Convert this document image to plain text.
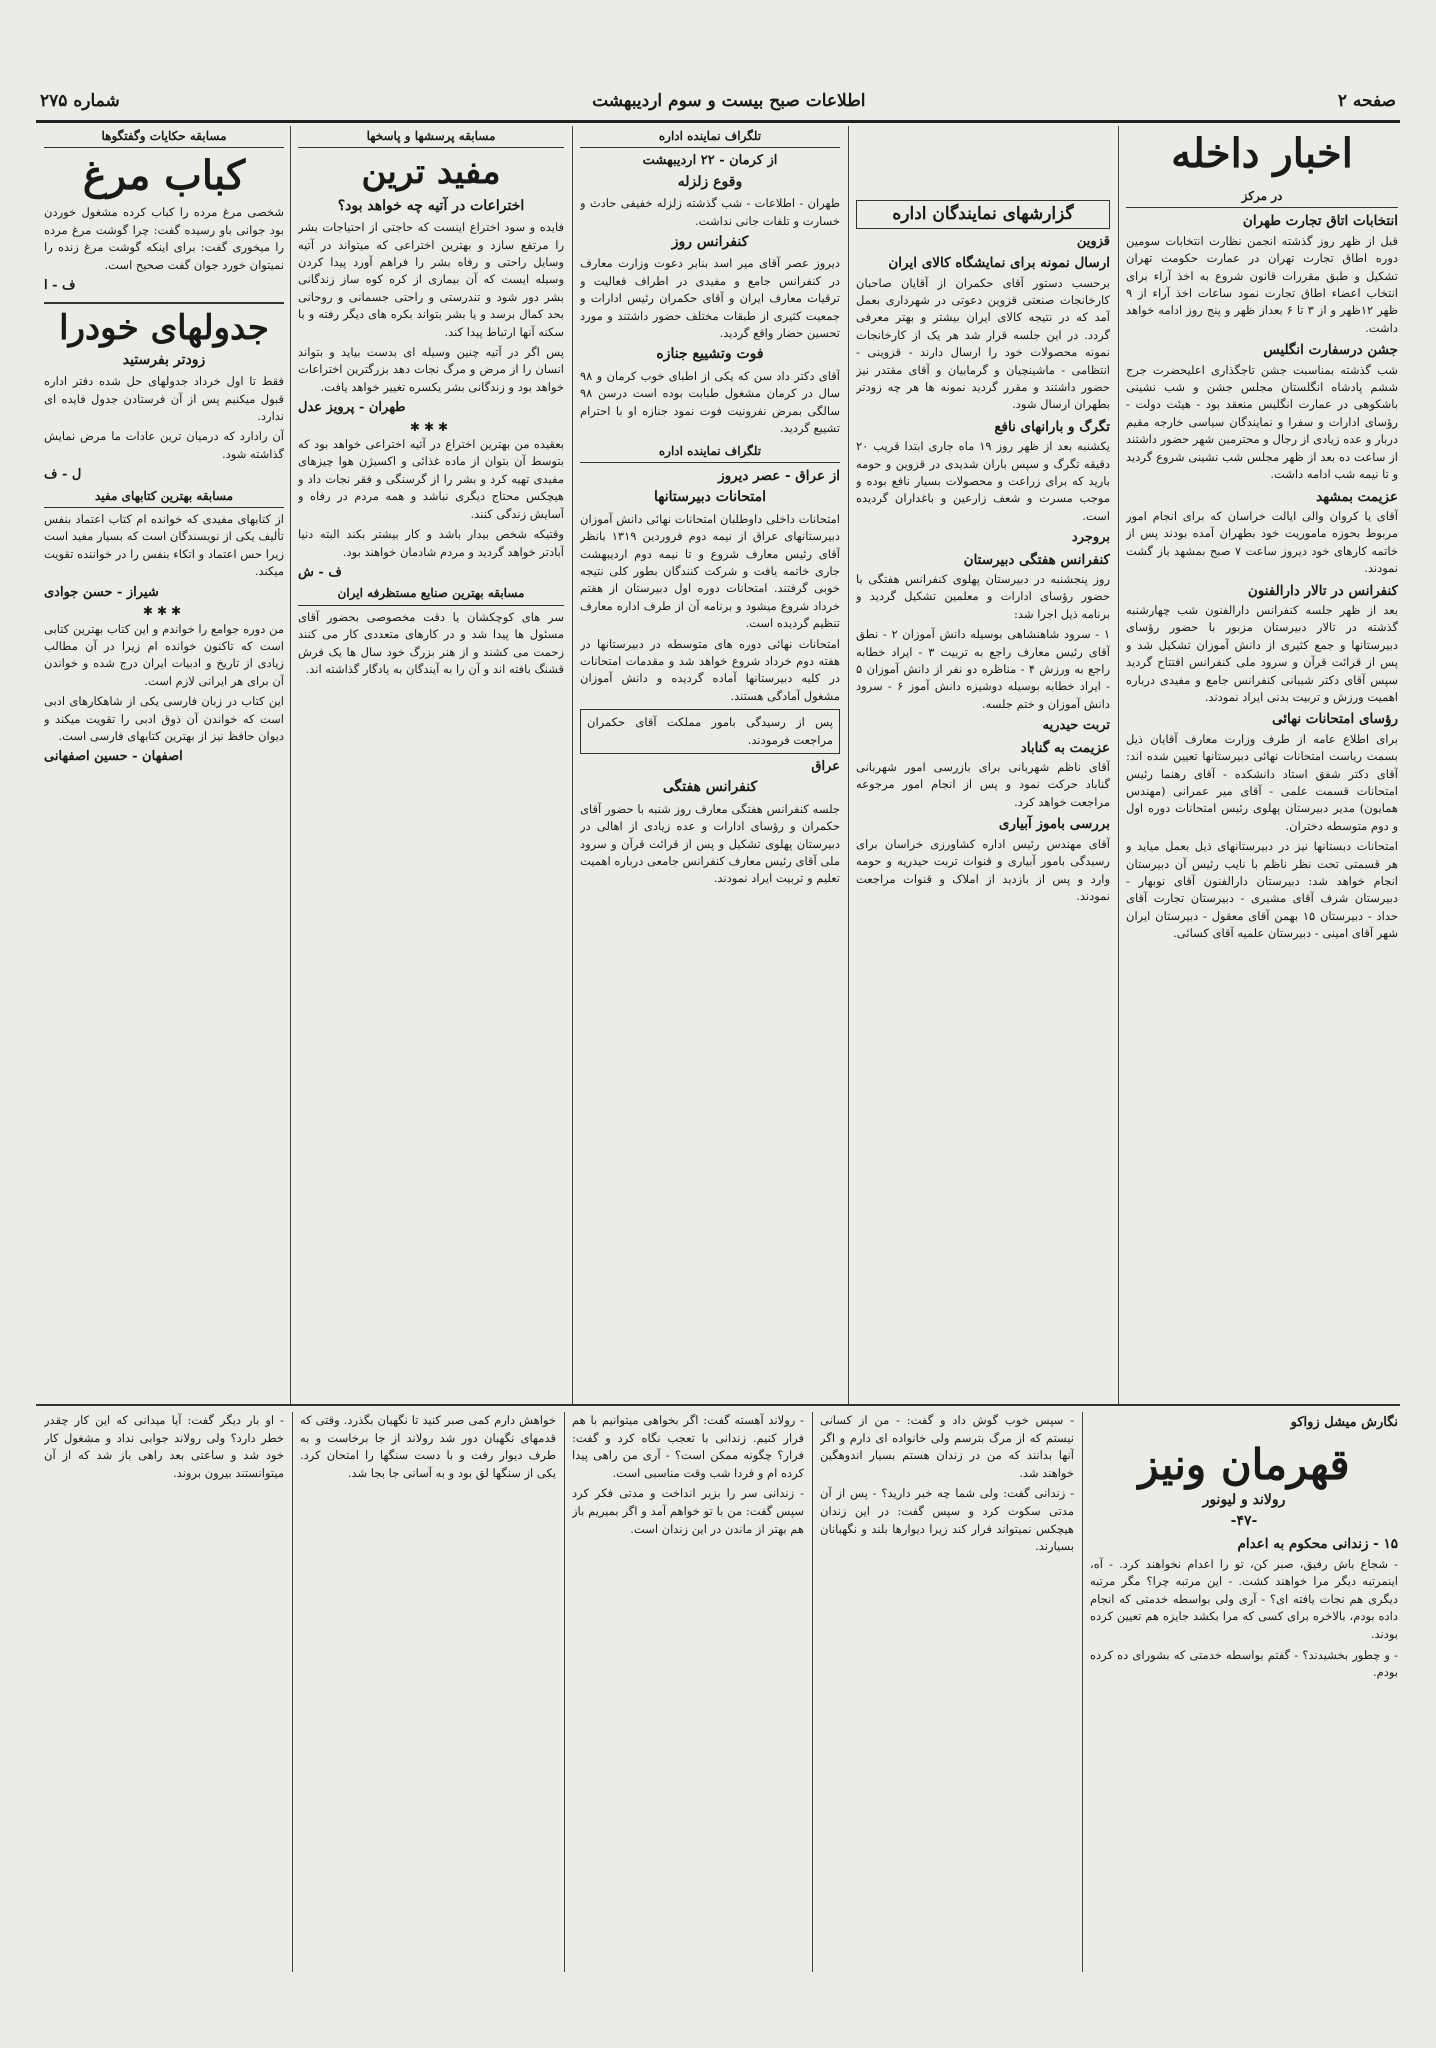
صفحه ۲
اطلاعات صبح بیست و سوم اردیبهشت
شماره ۲۷۵
اخبار داخله
در مرکز
انتخابات اتاق تجارت طهران

قبل از ظهر روز گذشته انجمن نظارت انتخابات سومین دوره اطاق تجارت تهران در عمارت حکومت تهران تشکیل و طبق مقررات قانون شروع به اخذ آراء برای انتخاب اعضاء اطاق تجارت نمود ساعات اخذ آراء از ۹ ظهر ۱۲ظهر و از ۳ تا ۶ بعداز ظهر و پنج روز ادامه خواهد داشت.

جشن درسفارت انگلیس

شب گذشته بمناسبت جشن تاجگذاری اعلیحضرت جرج ششم پادشاه انگلستان مجلس جشن و شب نشینی باشکوهی در عمارت انگلیس منعقد بود - هیئت دولت - رؤسای ادارات و سفرا و نمایندگان سیاسی خارجه مقیم دربار و عده زیادی از رجال و محترمین شهر حضور داشتند از ساعت ده بعد از ظهر مجلس شب نشینی شروع گردید و تا نیمه شب ادامه داشت.

عزیمت بمشهد

آقای یا کروان والی ایالت خراسان که برای انجام امور مربوط بحوزه ماموریت خود بطهران آمده بودند پس از خاتمه کارهای خود دیروز ساعت ۷ صبح بمشهد باز گشت نمودند.

کنفرانس در تالار دارالفنون

بعد از ظهر جلسه کنفرانس دارالفنون شب چهارشنبه گذشته در تالار دبیرستان مزبور با حضور رؤسای دبیرستانها و جمع کثیری از دانش آموزان تشکیل شد و پس از قرائت قرآن و سرود ملی کنفرانس افتتاح گردید سپس آقای دکتر شیبانی کنفرانس جامع و مفیدی درباره اهمیت ورزش و تربیت بدنی ایراد نمودند.

رؤسای امتحانات نهائی

برای اطلاع عامه از طرف وزارت معارف آقایان ذیل بسمت ریاست امتحانات نهائی دبیرستانها تعیین شده اند: آقای دکتر شفق استاد دانشکده - آقای رهنما رئیس امتحانات قسمت علمی - آقای میر عمرانی (مهندس همایون) مدیر دبیرستان پهلوی رئیس امتحانات دوره اول و دوم متوسطه دختران.

امتحانات دبستانها نیز در دبیرستانهای ذیل بعمل میاید و هر قسمتی تحت نظر ناظم با نایب رئیس آن دبیرستان انجام خواهد شد: دبیرستان دارالفنون آقای نوبهار - دبیرستان شرف آقای مشیری - دبیرستان تجارت آقای حداد - دبیرستان ۱۵ بهمن آقای معقول - دبیرستان ایران شهر آقای امینی - دبیرستان علمیه آقای کسائی.

گزارشهای نمایندگان اداره
قزوین
ارسال نمونه برای نمایشگاه کالای ایران

برحسب دستور آقای حکمران از آقایان صاحبان کارخانجات صنعتی قزوین دعوتی در شهرداری بعمل آمد که در نتیجه کالای ایران بیشتر و بهتر معرفی گردد. در این جلسه قرار شد هر یک از کارخانجات نمونه محصولات خود را ارسال دارند - قزوینی - انتظامی - ماشینچیان و گرمابیان و آقای مقتدر نیز حضور داشتند و مقرر گردید نمونه ها هر چه زودتر بطهران ارسال شود.

تگرگ و بارانهای نافع

یکشنبه بعد از ظهر روز ۱۹ ماه جاری ابتدا قریب ۲۰ دقیقه تگرگ و سپس باران شدیدی در قزوین و حومه بارید که برای زراعت و محصولات بسیار نافع بوده و موجب مسرت و شعف زارعین و باغداران گردیده است.

بروجرد
کنفرانس هفتگی دبیرستان

روز پنجشنبه در دبیرستان پهلوی کنفرانس هفتگی با حضور رؤسای ادارات و معلمین تشکیل گردید و برنامه ذیل اجرا شد:

۱ - سرود شاهنشاهی بوسیله دانش آموزان ۲ - نطق آقای رئیس معارف راجع به تربیت ۳ - ایراد خطابه راجع به ورزش ۴ - مناظره دو نفر از دانش آموزان ۵ - ایراد خطابه بوسیله دوشیزه دانش آموز ۶ - سرود دانش آموزان و ختم جلسه.

تربت حیدریه
عزیمت به گناباد

آقای ناظم شهربانی برای بازرسی امور شهربانی گناباد حرکت نمود و پس از انجام امور مرجوعه مراجعت خواهد کرد.

بررسی باموز آبیاری

آقای مهندس رئیس اداره کشاورزی خراسان برای رسیدگی بامور آبیاری و قنوات تربت حیدریه و حومه وارد و پس از بازدید از املاک و قنوات مراجعت نمودند.

تلگراف نماینده اداره
از کرمان - ۲۲ اردیبهشت
وقوع زلزله

طهران - اطلاعات - شب گذشته زلزله خفیفی حادث و خسارت و تلفات جانی نداشت.

کنفرانس روز

دیروز عصر آقای میر اسد بنابر دعوت وزارت معارف در کنفرانس جامع و مفیدی در اطراف فعالیت و ترقیات معارف ایران و آقای حکمران رئیس ادارات و جمعیت کثیری از طبقات مختلف حضور داشتند و مورد تحسین حضار واقع گردید.

فوت وتشییع جنازه

آقای دکتر داد سن که یکی از اطبای خوب کرمان و ۹۸ سال در کرمان مشغول طبابت بوده است درسن ۹۸ سالگی بمرض نفرونیت فوت نمود جنازه او با احترام تشییع گردید.

تلگراف نماینده اداره
از عراق - عصر دیروز
امتحانات دبیرستانها

امتحانات داخلی داوطلبان امتحانات نهائی دانش آموزان دبیرستانهای عراق از نیمه دوم فروردین ۱۳۱۹ بانظر آقای رئیس معارف شروع و تا نیمه دوم اردیبهشت جاری خاتمه یافت و شرکت کنندگان بطور کلی نتیجه خوبی گرفتند. امتحانات دوره اول دبیرستان از هفتم خرداد شروع میشود و برنامه آن از طرف اداره معارف تنظیم گردیده است.

امتحانات نهائی دوره های متوسطه در دبیرستانها در هفته دوم خرداد شروع خواهد شد و مقدمات امتحانات در کلیه دبیرستانها آماده گردیده و دانش آموزان مشغول آمادگی هستند.

پس از رسیدگی بامور مملکت آقای حکمران مراجعت فرمودند.
عراق
کنفرانس هفتگی

جلسه کنفرانس هفتگی معارف روز شنبه با حضور آقای حکمران و رؤسای ادارات و عده زیادی از اهالی در دبیرستان پهلوی تشکیل و پس از قرائت قرآن و سرود ملی آقای رئیس معارف کنفرانس جامعی درباره اهمیت تعلیم و تربیت ایراد نمودند.

مسابقه پرسشها و پاسخها
مفید ترین
اختراعات در آتیه چه خواهد بود؟

فایده و سود اختراع اینست که حاجتی از احتیاجات بشر را مرتفع سازد و بهترین اختراعی که میتواند در آتیه وسایل راحتی و رفاه بشر را فراهم آورد پیدا کردن وسیله ایست که آن بیماری از کره کوه ساز زندگانی بشر دور شود و تندرستی و راحتی جسمانی و روحانی بحد کمال برسد و یا بشر بتواند بکره های دیگر رفته و با سکنه آنها ارتباط پیدا کند.

پس اگر در آتیه چنین وسیله ای بدست بیاید و بتواند انسان را از مرض و مرگ نجات دهد بزرگترین اختراعات خواهد بود و زندگانی بشر یکسره تغییر خواهد یافت.

طهران - پرویز عدل
✱✱✱

بعقیده من بهترین اختراع در آتیه اختراعی خواهد بود که بتوسط آن بتوان از ماده غذائی و اکسیژن هوا چیزهای مفیدی تهیه کرد و بشر را از گرسنگی و فقر نجات داد و هیچکس محتاج دیگری نباشد و همه مردم در رفاه و آسایش زندگی کنند.

وقتیکه شخص بیدار باشد و کار بیشتر بکند البته دنیا آبادتر خواهد گردید و مردم شادمان خواهند بود.

ف - ش
مسابقه بهترین صنایع مستظرفه ایران

سر های کوچکشان یا دقت مخصوصی بحضور آقای مسئول ها پیدا شد و در کارهای متعددی کار می کنند زحمت می کشند و از هنر بزرگ خود سال ها یک فرش قشنگ بافته اند و آن را به آیندگان به یادگار گذاشته اند.

مسابقه حکایات وگفتگوها
کباب مرغ

شخصی مرغ مرده را کباب کرده مشغول خوردن بود جوانی باو رسیده گفت: چرا گوشت مرغ مرده را میخوری گفت: برای اینکه گوشت مرغ زنده را نمیتوان خورد جوان گفت صحیح است.

ف - ا
جدولهای خودرا
زودتر بفرستید

فقط تا اول خرداد جدولهای حل شده دفتر اداره قبول میکنیم پس از آن فرستادن جدول فایده ای ندارد.

آن رادارد که درمیان ترین عادات ما مرض نمایش گذاشته شود.

ل - ف
مسابقه بهترین کتابهای مفید

از کتابهای مفیدی که خوانده ام کتاب اعتماد بنفس تألیف یکی از نویسندگان است که بسیار مفید است زیرا حس اعتماد و اتکاء بنفس را در خواننده تقویت میکند.

شیراز - حسن جوادی
✱✱✱

من دوره جوامع را خواندم و این کتاب بهترین کتابی است که تاکنون خوانده ام زیرا در آن مطالب زیادی از تاریخ و ادبیات ایران درج شده و خواندن آن برای هر ایرانی لازم است.

این کتاب در زبان فارسی یکی از شاهکارهای ادبی است که خواندن آن ذوق ادبی را تقویت میکند و دیوان حافظ نیز از بهترین کتابهای فارسی است.

اصفهان - حسین اصفهانی
نگارش میشل زواکو
قهرمان ونیز
رولاند و لیونور
-۴۷-
۱۵ - زندانی محکوم به اعدام

- شجاع باش رفیق، صبر کن، تو را اعدام نخواهند کرد. - آه، اینمرتبه دیگر مرا خواهند کشت. - این مرتبه چرا؟ مگر مرتبه دیگری هم نجات یافته ای؟ - آری ولی بواسطه خدمتی که انجام داده بودم، بالاخره برای کسی که مرا بکشد جایزه هم تعیین کرده بودند.

- و چطور بخشیدند؟ - گفتم بواسطه خدمتی که بشورای ده کرده بودم.

- سپس خوب گوش داد و گفت: - من از کسانی نیستم که از مرگ بترسم ولی خانواده ای دارم و اگر آنها بدانند که من در زندان هستم بسیار اندوهگین خواهند شد.

- زندانی گفت: ولی شما چه خبر دارید؟ - پس از آن مدتی سکوت کرد و سپس گفت: در این زندان هیچکس نمیتواند فرار کند زیرا دیوارها بلند و نگهبانان بسیارند.

- رولاند آهسته گفت: اگر بخواهی میتوانیم با هم فرار کنیم. زندانی با تعجب نگاه کرد و گفت: فرار؟ چگونه ممکن است؟ - آری من راهی پیدا کرده ام و فردا شب وقت مناسبی است.

- زندانی سر را بزیر انداخت و مدتی فکر کرد سپس گفت: من با تو خواهم آمد و اگر بمیریم باز هم بهتر از ماندن در این زندان است.

خواهش دارم کمی صبر کنید تا نگهبان بگذرد. وقتی که قدمهای نگهبان دور شد رولاند از جا برخاست و به طرف دیوار رفت و با دست سنگها را امتحان کرد. یکی از سنگها لق بود و به آسانی جا بجا شد.

- او بار دیگر گفت: آیا میدانی که این کار چقدر خطر دارد؟ ولی رولاند جوابی نداد و مشغول کار خود شد و ساعتی بعد راهی باز شد که از آن میتوانستند بیرون بروند.
